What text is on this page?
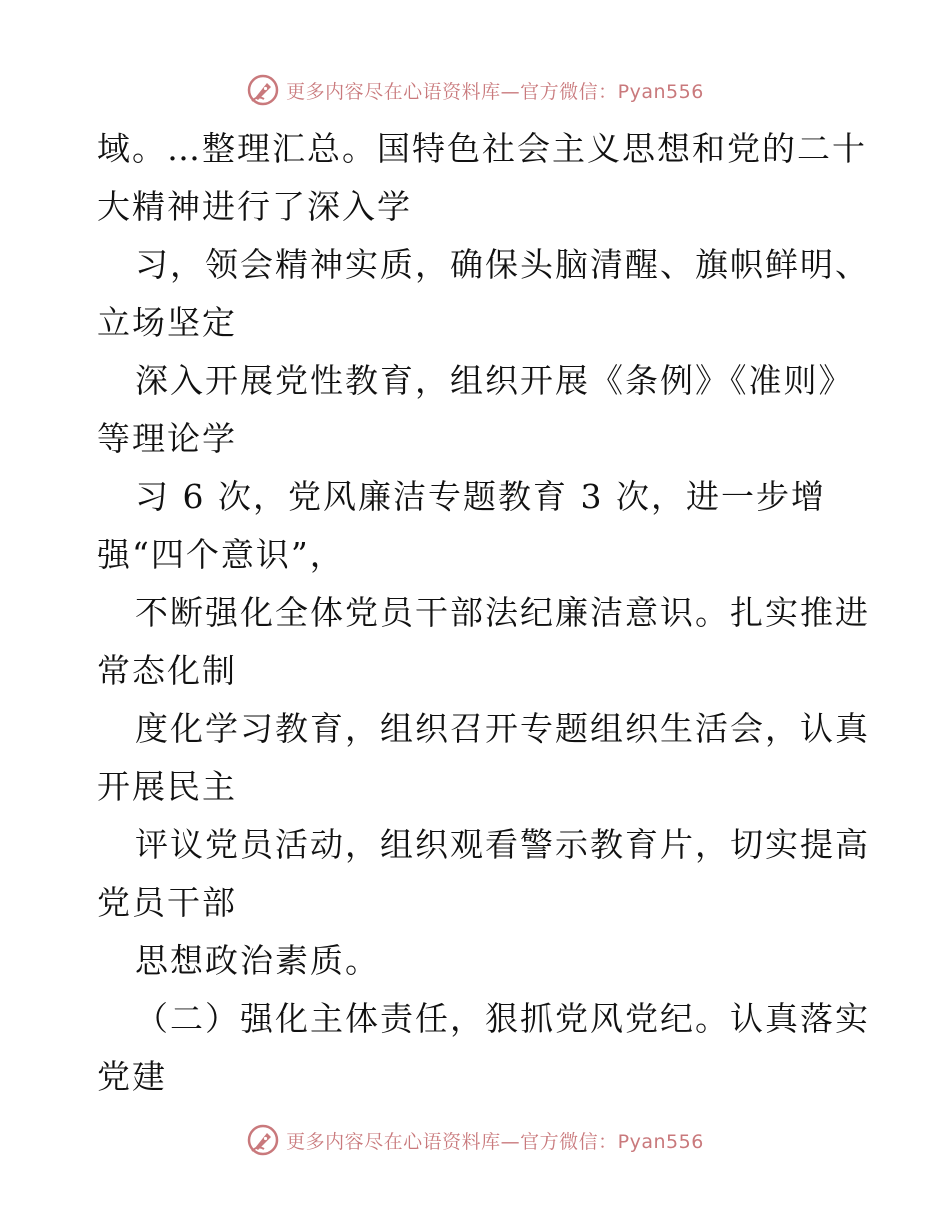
更多内容尽在心语资料库—官方微信：Pyan556
域。…整理汇总。国特色社会主义思想和党的二十
大精神进行了深入学
习，领会精神实质，确保头脑清醒、旗帜鲜明、
立场坚定
深入开展党性教育，组织开展《条例》《准则》
等理论学
习 6 次，党风廉洁专题教育 3 次，进一步增
强“四个意识”，
不断强化全体党员干部法纪廉洁意识。扎实推进
常态化制
度化学习教育，组织召开专题组织生活会，认真
开展民主
评议党员活动，组织观看警示教育片，切实提高
党员干部
思想政治素质。
（二）强化主体责任，狠抓党风党纪。认真落实
党建
更多内容尽在心语资料库—官方微信：Pyan556
